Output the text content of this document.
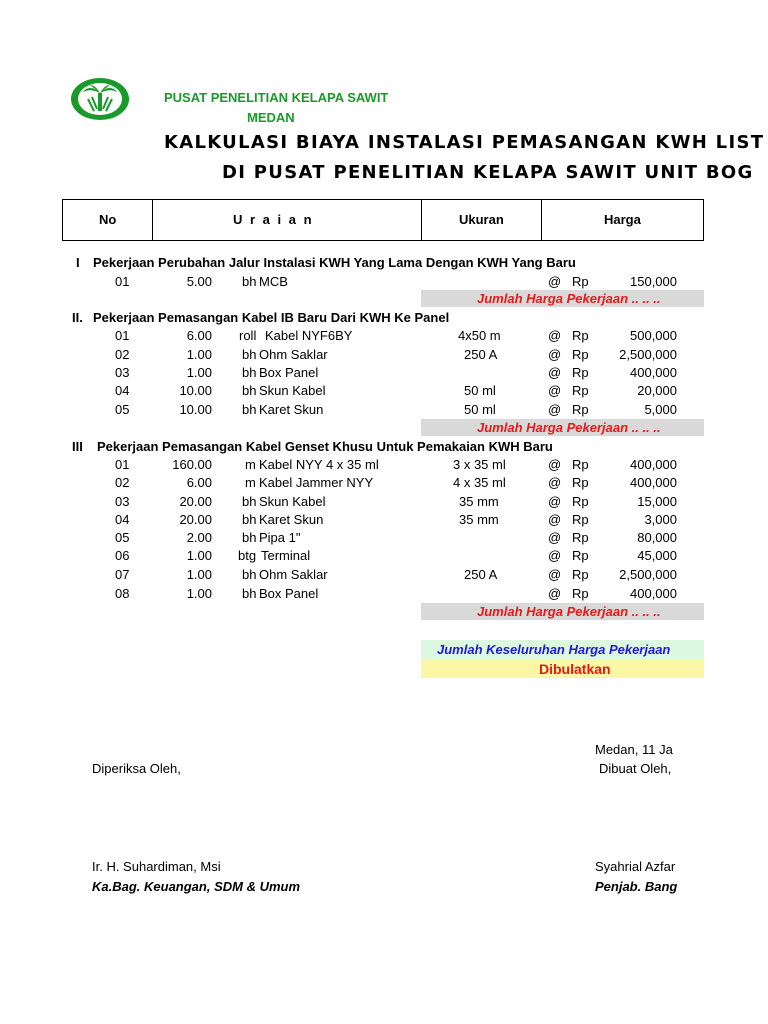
PUSAT PENELITIAN KELAPA SAWIT
MEDAN
KALKULASI BIAYA INSTALASI PEMASANGAN KWH LIST
DI PUSAT PENELITIAN KELAPA SAWIT UNIT BOG
No	U r a i a n	Ukuran	Harga
I Pekerjaan Perubahan Jalur Instalasi KWH Yang Lama Dengan KWH Yang Baru
01	5.00 bh MCB	@ Rp	150,000
Jumlah Harga Pekerjaan .. .. ..
II. Pekerjaan Pemasangan Kabel IB Baru Dari KWH Ke Panel
01	6.00 roll Kabel NYF6BY	4x50 m	@ Rp	500,000
02	1.00 bh Ohm Saklar	250 A	@ Rp	2,500,000
03	1.00 bh Box Panel	@ Rp	400,000
04	10.00 bh Skun Kabel	50 ml	@ Rp	20,000
05	10.00 bh Karet Skun	50 ml	@ Rp	5,000
Jumlah Harga Pekerjaan .. .. ..
III Pekerjaan Pemasangan Kabel Genset Khusu Untuk Pemakaian KWH Baru
01	160.00	m Kabel NYY 4 x 35 ml	3 x 35 ml	@ Rp	400,000
02	6.00	m Kabel Jammer NYY	4 x 35 ml	@ Rp	400,000
03	20.00 bh Skun Kabel	35 mm	@ Rp	15,000
04	20.00 bh Karet Skun	35 mm	@ Rp	3,000
05	2.00 bh Pipa 1"	@ Rp	80,000
06	1.00 btg Terminal	@ Rp	45,000
07	1.00 bh Ohm Saklar	250 A	@ Rp	2,500,000
08	1.00 bh Box Panel	@ Rp	400,000
Jumlah Harga Pekerjaan .. .. ..
Jumlah Keseluruhan Harga Pekerjaan
Dibulatkan
Medan, 11 Ja
Diperiksa Oleh,	Dibuat Oleh,
Ir. H. Suhardiman, Msi
Ka.Bag. Keuangan, SDM & Umum
Syahrial Azfar
Penjab. Bang
